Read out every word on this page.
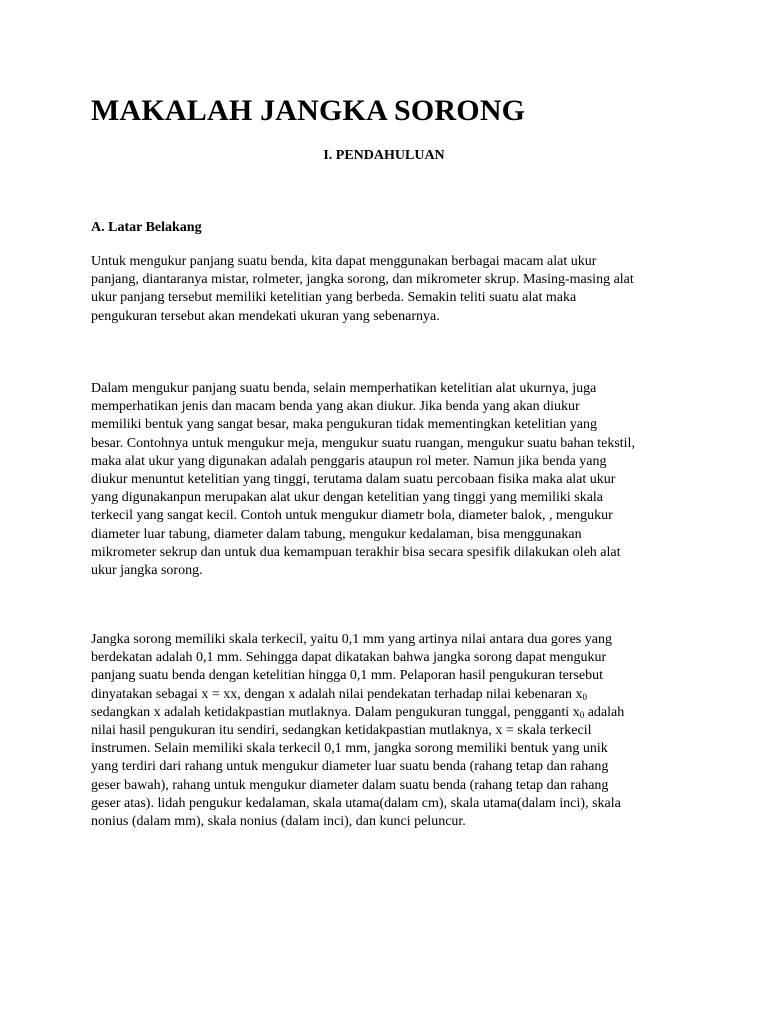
MAKALAH JANGKA SORONG
I. PENDAHULUAN
A. Latar Belakang

Untuk mengukur panjang suatu benda, kita dapat menggunakan berbagai macam alat ukur
panjang, diantaranya mistar, rolmeter, jangka sorong, dan mikrometer skrup. Masing-masing alat
ukur panjang tersebut memiliki ketelitian yang berbeda. Semakin teliti suatu alat maka
pengukuran tersebut akan mendekati ukuran yang sebenarnya.

Dalam mengukur panjang suatu benda, selain memperhatikan ketelitian alat ukurnya, juga
memperhatikan jenis dan macam benda yang akan diukur. Jika benda yang akan diukur
memiliki bentuk yang sangat besar, maka pengukuran tidak mementingkan ketelitian yang
besar. Contohnya untuk mengukur meja, mengukur suatu ruangan, mengukur suatu bahan tekstil,
maka alat ukur yang digunakan adalah penggaris ataupun rol meter. Namun jika benda yang
diukur menuntut ketelitian yang tinggi, terutama dalam suatu percobaan fisika maka alat ukur
yang digunakanpun merupakan alat ukur dengan ketelitian yang tinggi yang memiliki skala
terkecil yang sangat kecil. Contoh untuk mengukur diametr bola, diameter balok, , mengukur
diameter luar tabung, diameter dalam tabung, mengukur kedalaman, bisa menggunakan
mikrometer sekrup dan untuk dua kemampuan terakhir bisa secara spesifik dilakukan oleh alat
ukur jangka sorong.

Jangka sorong memiliki skala terkecil, yaitu 0,1 mm yang artinya nilai antara dua gores yang
berdekatan adalah 0,1 mm. Sehingga dapat dikatakan bahwa jangka sorong dapat mengukur
panjang suatu benda dengan ketelitian hingga 0,1 mm. Pelaporan hasil pengukuran tersebut
dinyatakan sebagai x = xx, dengan x adalah nilai pendekatan terhadap nilai kebenaran $x_0$
sedangkan x adalah ketidakpastian mutlaknya. Dalam pengukuran tunggal, pengganti $x_0$ adalah
nilai hasil pengukuran itu sendiri, sedangkan ketidakpastian mutlaknya, x = skala terkecil
instrumen. Selain memiliki skala terkecil 0,1 mm, jangka sorong memiliki bentuk yang unik
yang terdiri dari rahang untuk mengukur diameter luar suatu benda (rahang tetap dan rahang
geser bawah), rahang untuk mengukur diameter dalam suatu benda (rahang tetap dan rahang
geser atas). lidah pengukur kedalaman, skala utama(dalam cm), skala utama(dalam inci), skala
nonius (dalam mm), skala nonius (dalam inci), dan kunci peluncur.
